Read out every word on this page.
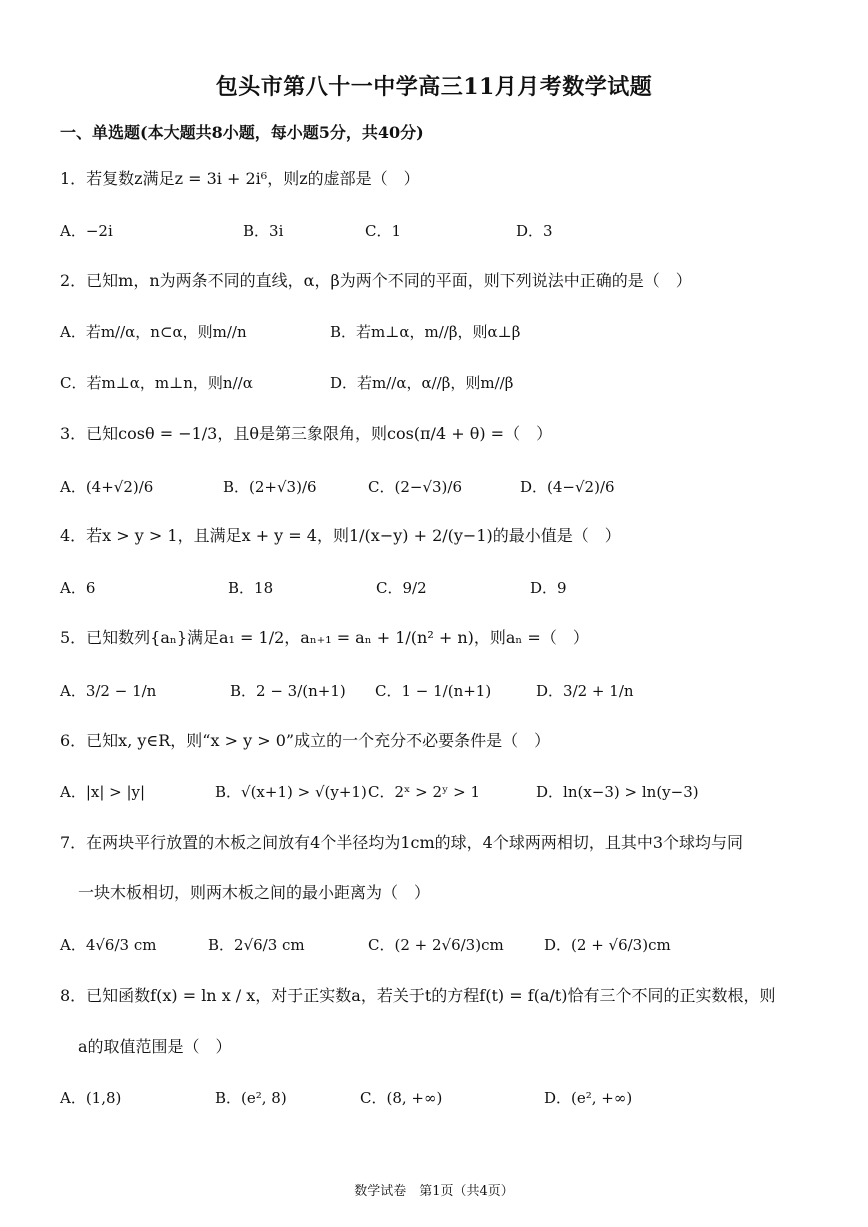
包头市第八十一中学高三11月月考数学试题
一、单选题(本大题共8小题，每小题5分，共40分)
1．若复数z满足z = 3i + 2i⁶，则z的虚部是（　）
A．−2i	B．3i	C．1	D．3
2．已知m，n为两条不同的直线，α，β为两个不同的平面，则下列说法中正确的是（　）
A．若m//α，n⊂α，则m//n	B．若m⊥α，m//β，则α⊥β
C．若m⊥α，m⊥n，则n//α	D．若m//α，α//β，则m//β
3．已知cosθ = −1/3，且θ是第三象限角，则cos(π/4 + θ) =（　）
A．(4+√2)/6	B．(2+√3)/6	C．(2−√3)/6	D．(4−√2)/6
4．若x > y > 1，且满足x + y = 4，则1/(x−y) + 2/(y−1)的最小值是（　）
A．6	B．18	C．9/2	D．9
5．已知数列{aₙ}满足a₁ = 1/2，aₙ₊₁ = aₙ + 1/(n² + n)，则aₙ =（　）
A．3/2 − 1/n	B．2 − 3/(n+1) C．1 − 1/(n+1)	D．3/2 + 1/n
6．已知x, y∈R，则“x > y > 0”成立的一个充分不必要条件是（　）
A．|x| > |y|	B．√(x+1) > √(y+1) C．2ˣ > 2ʸ > 1	D．ln(x−3) > ln(y−3)
7．在两块平行放置的木板之间放有4个半径均为1cm的球，4个球两两相切，且其中3个球均与同
一块木板相切，则两木板之间的最小距离为（　）
A．4√6/3 cm	B．2√6/3 cm	C．(2 + 2√6/3)cm	D．(2 + √6/3)cm
8．已知函数f(x) = ln x / x，对于正实数a，若关于t的方程f(t) = f(a/t)恰有三个不同的正实数根，则
a的取值范围是（　）
A．(1,8)	B．(e², 8)	C．(8, +∞)	D．(e², +∞)
数学试卷　第1页（共4页）
